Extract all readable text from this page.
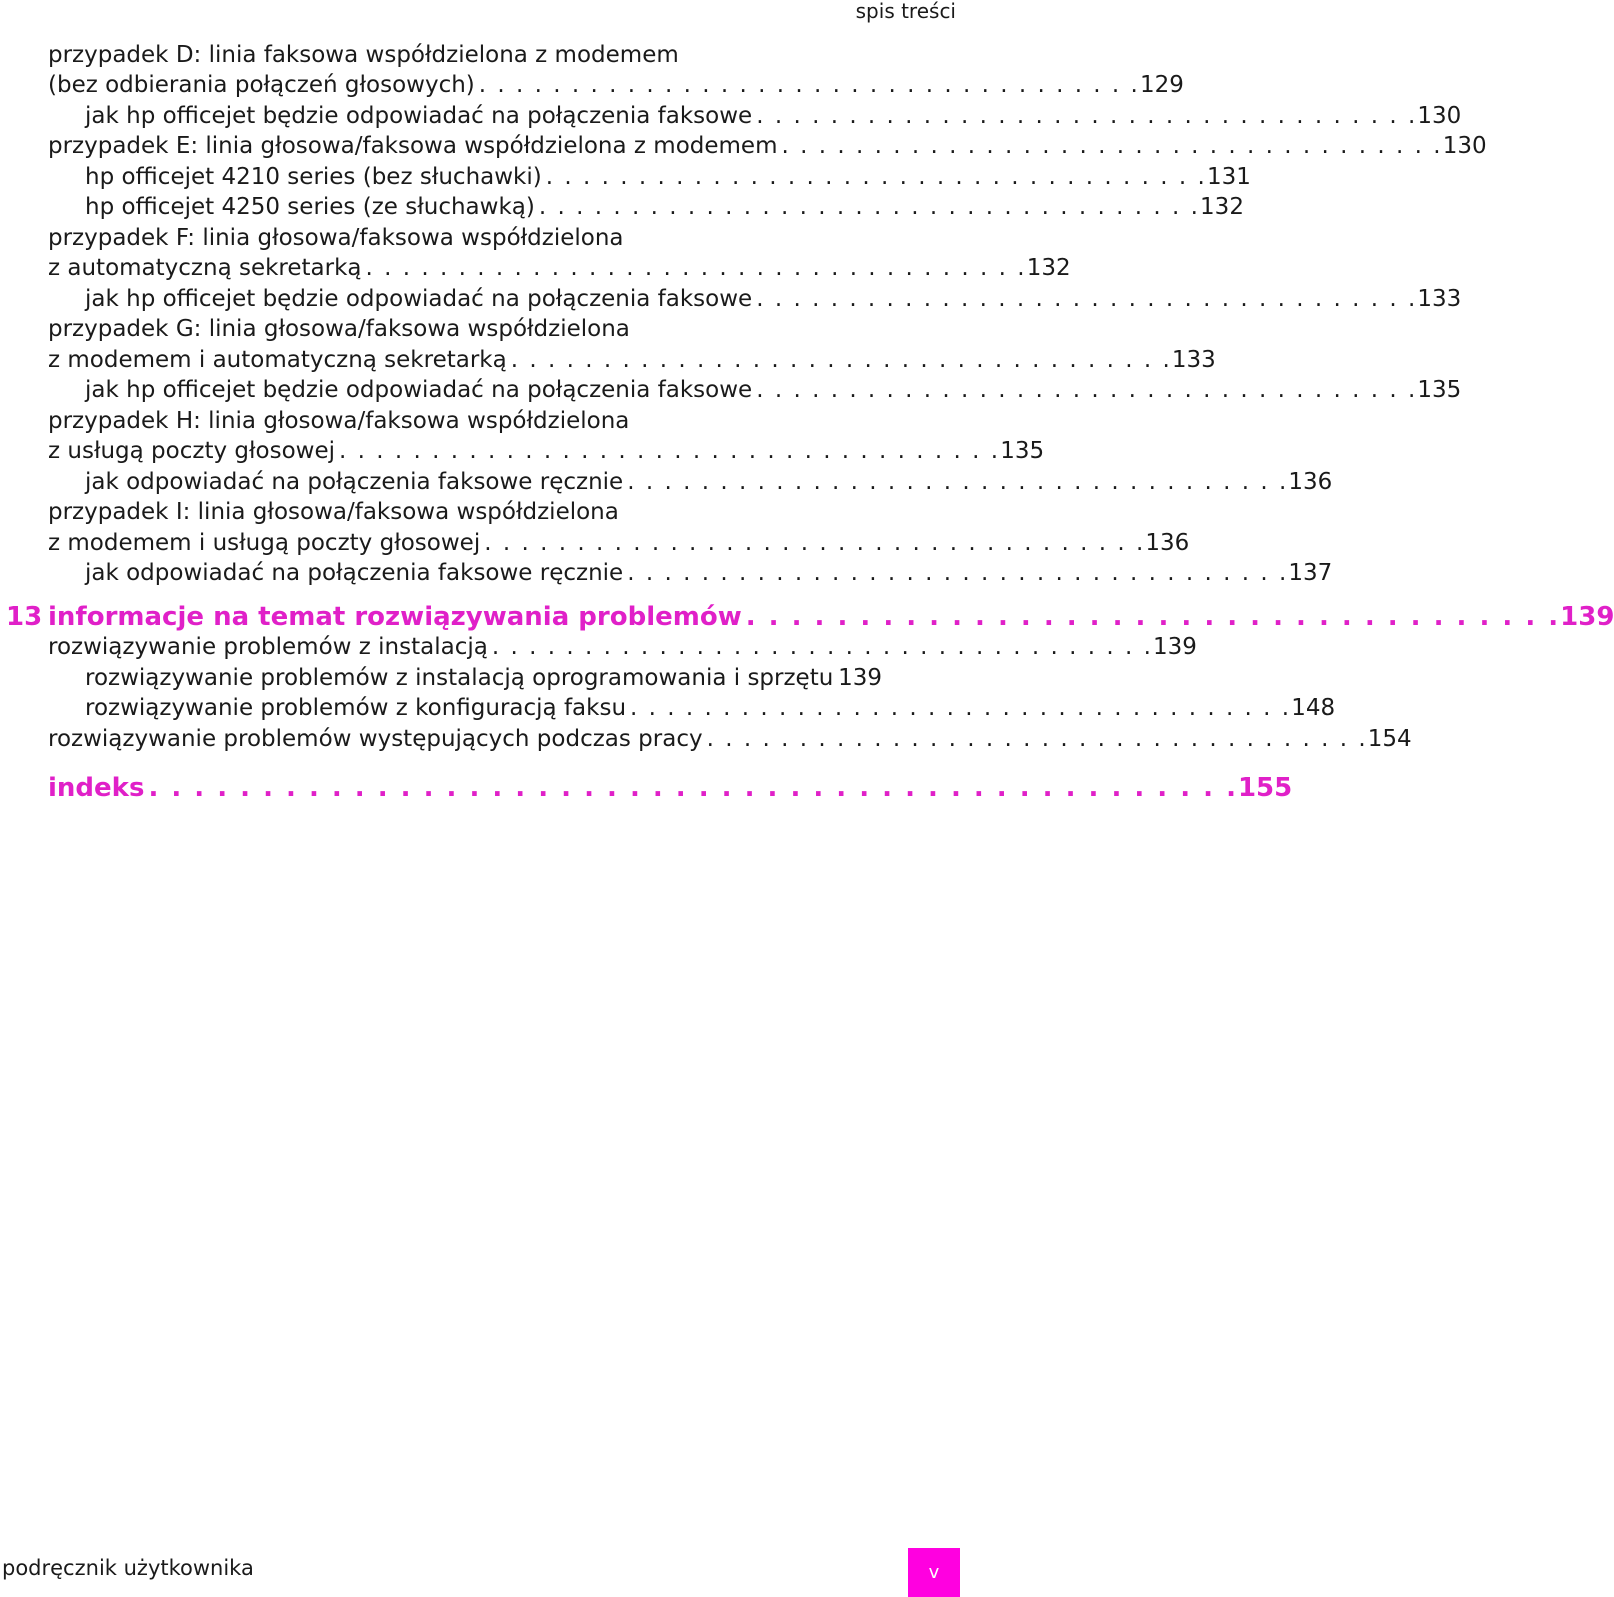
spis treści
przypadek D: linia faksowa współdzielona z modemem
(bez odbierania połączeń głosowych) . . . . . . . . . . . . . . . . . . . . . . . . . . . . . . . . . . . . 129
jak hp officejet będzie odpowiadać na połączenia faksowe . . . . . . . . . . . . . . . . . . . . . . . . . . . . . . . . . . . . 130
przypadek E: linia głosowa/faksowa współdzielona z modemem . . . . . . . . . . . . . . . . . . . . . . . . . . . . . . . . . . . . 130
hp officejet 4210 series (bez słuchawki) . . . . . . . . . . . . . . . . . . . . . . . . . . . . . . . . . . . . 131
hp officejet 4250 series (ze słuchawką) . . . . . . . . . . . . . . . . . . . . . . . . . . . . . . . . . . . . 132
przypadek F: linia głosowa/faksowa współdzielona
z automatyczną sekretarką . . . . . . . . . . . . . . . . . . . . . . . . . . . . . . . . . . . . 132
jak hp officejet będzie odpowiadać na połączenia faksowe . . . . . . . . . . . . . . . . . . . . . . . . . . . . . . . . . . . . 133
przypadek G: linia głosowa/faksowa współdzielona
z modemem i automatyczną sekretarką . . . . . . . . . . . . . . . . . . . . . . . . . . . . . . . . . . . . 133
jak hp officejet będzie odpowiadać na połączenia faksowe . . . . . . . . . . . . . . . . . . . . . . . . . . . . . . . . . . . . 135
przypadek H: linia głosowa/faksowa współdzielona
z usługą poczty głosowej . . . . . . . . . . . . . . . . . . . . . . . . . . . . . . . . . . . . 135
jak odpowiadać na połączenia faksowe ręcznie . . . . . . . . . . . . . . . . . . . . . . . . . . . . . . . . . . . . 136
przypadek I: linia głosowa/faksowa współdzielona
z modemem i usługą poczty głosowej . . . . . . . . . . . . . . . . . . . . . . . . . . . . . . . . . . . . 136
jak odpowiadać na połączenia faksowe ręcznie . . . . . . . . . . . . . . . . . . . . . . . . . . . . . . . . . . . . 137
13 informacje na temat rozwiązywania problemów . . . . . . . . . . . . . . . . . . . . . . . . . . . . . . . . . . . . 139
rozwiązywanie problemów z instalacją . . . . . . . . . . . . . . . . . . . . . . . . . . . . . . . . . . . . 139
rozwiązywanie problemów z instalacją oprogramowania i sprzętu 139
rozwiązywanie problemów z konfiguracją faksu . . . . . . . . . . . . . . . . . . . . . . . . . . . . . . . . . . . . 148
rozwiązywanie problemów występujących podczas pracy . . . . . . . . . . . . . . . . . . . . . . . . . . . . . . . . . . . . 154
indeks . . . . . . . . . . . . . . . . . . . . . . . . . . . . . . . . . . . . . . . . . . . . . . . . 155
podręcznik użytkownika	v
